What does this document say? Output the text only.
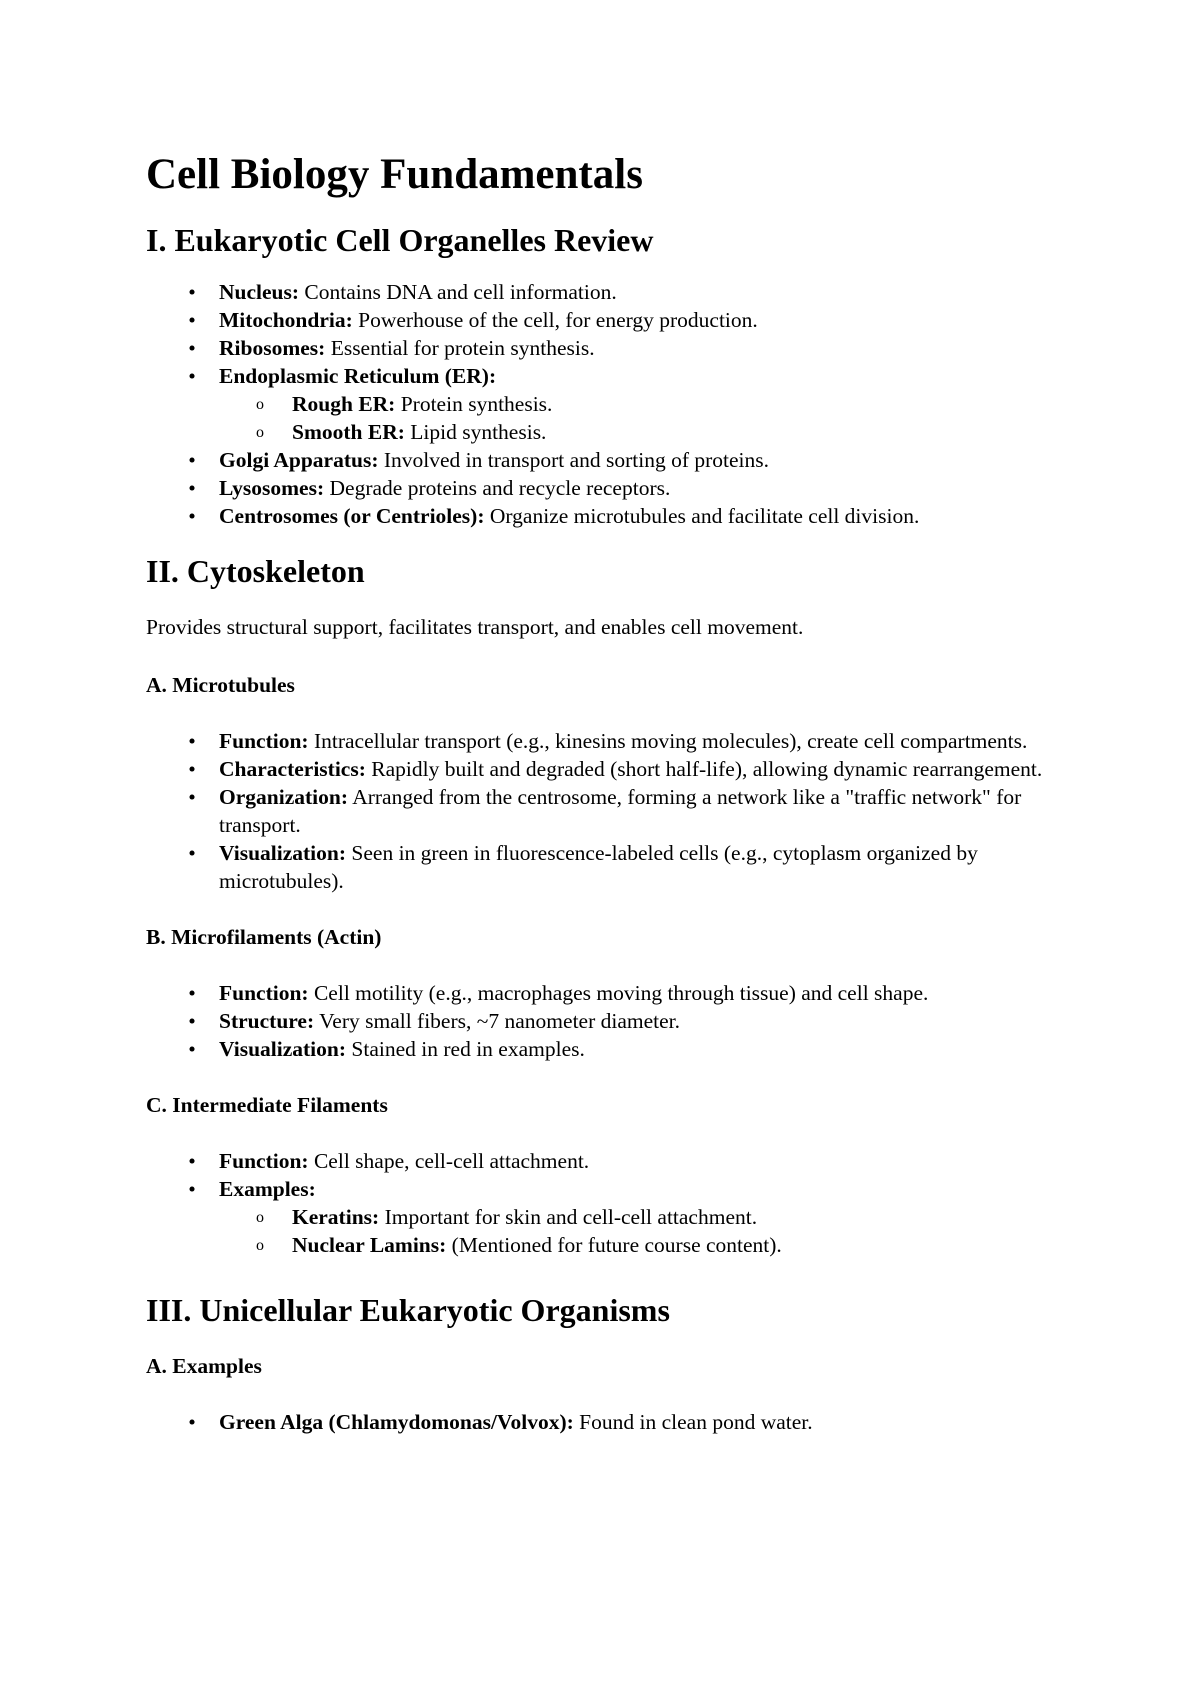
Cell Biology Fundamentals
I. Eukaryotic Cell Organelles Review
• Nucleus: Contains DNA and cell information.
• Mitochondria: Powerhouse of the cell, for energy production.
• Ribosomes: Essential for protein synthesis.
• Endoplasmic Reticulum (ER):
o Rough ER: Protein synthesis.
o Smooth ER: Lipid synthesis.
• Golgi Apparatus: Involved in transport and sorting of proteins.
• Lysosomes: Degrade proteins and recycle receptors.
• Centrosomes (or Centrioles): Organize microtubules and facilitate cell division.
II. Cytoskeleton

Provides structural support, facilitates transport, and enables cell movement.

A. Microtubules
• Function: Intracellular transport (e.g., kinesins moving molecules), create cell compartments.
• Characteristics: Rapidly built and degraded (short half-life), allowing dynamic rearrangement.
• Organization: Arranged from the centrosome, forming a network like a "traffic network" for transport.
• Visualization: Seen in green in fluorescence-labeled cells (e.g., cytoplasm organized by microtubules).
B. Microfilaments (Actin)
• Function: Cell motility (e.g., macrophages moving through tissue) and cell shape.
• Structure: Very small fibers, ~7 nanometer diameter.
• Visualization: Stained in red in examples.
C. Intermediate Filaments
• Function: Cell shape, cell-cell attachment.
• Examples:
o Keratins: Important for skin and cell-cell attachment.
o Nuclear Lamins: (Mentioned for future course content).
III. Unicellular Eukaryotic Organisms
A. Examples
• Green Alga (Chlamydomonas/Volvox): Found in clean pond water.
